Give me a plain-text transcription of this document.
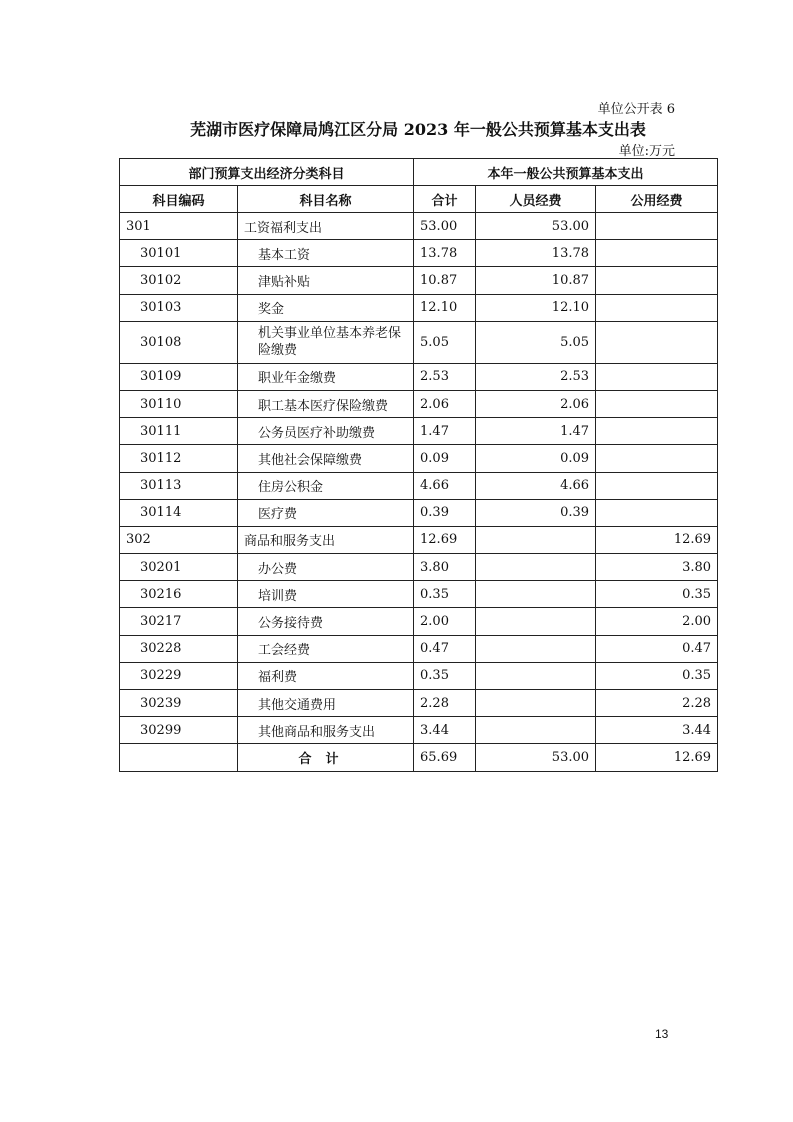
单位公开表 6
芜湖市医疗保障局鸠江区分局 2023 年一般公共预算基本支出表
单位:万元
部门预算支出经济分类科目		本年一般公共预算基本支出		
科目编码	科目名称	合计	人员经费	公用经费
301	工资福利支出	53.00	53.00	
30101	基本工资	13.78	13.78	
30102	津贴补贴	10.87	10.87	
30103	奖金	12.10	12.10	
30108	机关事业单位基本养老保险缴费	5.05	5.05	
30109	职业年金缴费	2.53	2.53	
30110	职工基本医疗保险缴费	2.06	2.06	
30111	公务员医疗补助缴费	1.47	1.47	
30112	其他社会保障缴费	0.09	0.09	
30113	住房公积金	4.66	4.66	
30114	医疗费	0.39	0.39	
302	商品和服务支出	12.69		12.69
30201	办公费	3.80		3.80
30216	培训费	0.35		0.35
30217	公务接待费	2.00		2.00
30228	工会经费	0.47		0.47
30229	福利费	0.35		0.35
30239	其他交通费用	2.28		2.28
30299	其他商品和服务支出	3.44		3.44
	合计	65.69	53.00	12.69
13
